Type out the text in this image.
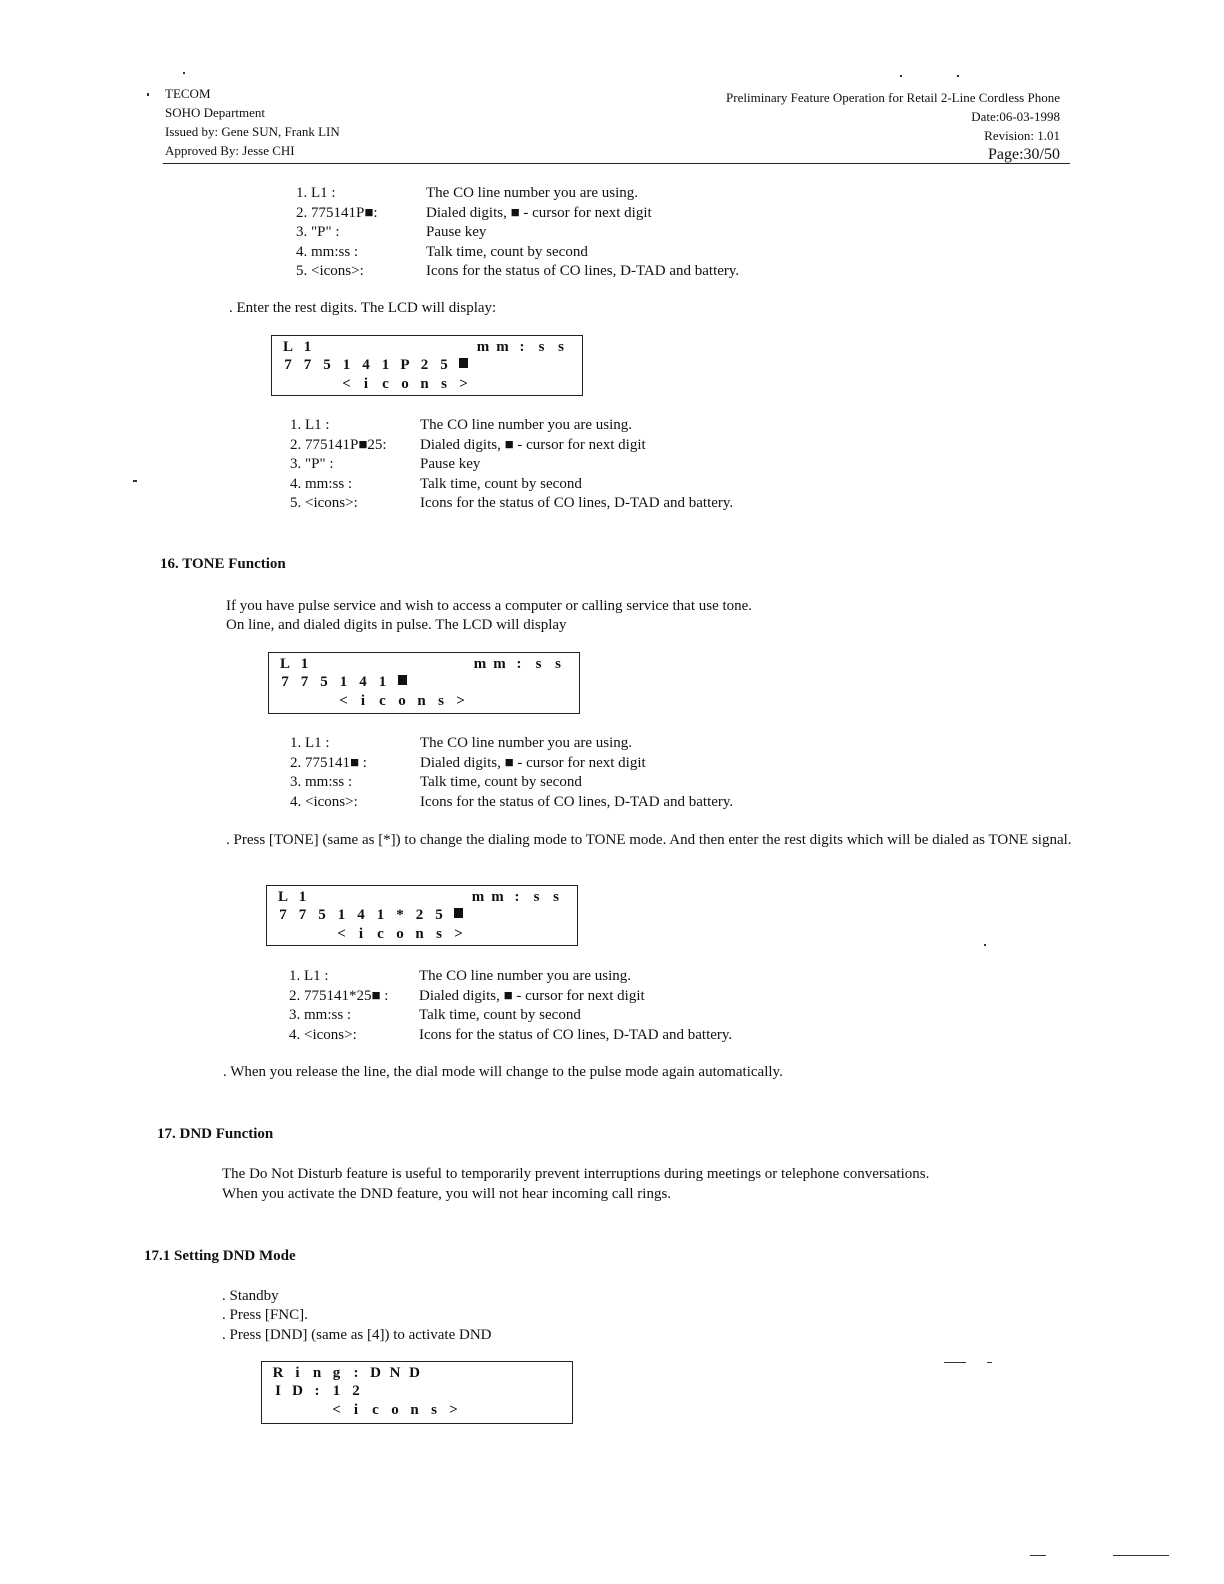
TECOM
SOHO Department
Issued by: Gene SUN, Frank LIN
Approved By: Jesse CHI
Preliminary Feature Operation for Retail 2-Line Cordless Phone
Date:06-03-1998
Revision: 1.01
Page:30/50
1. L1 :	The CO line number you are using.
2. 775141P■:	Dialed digits, ■ - cursor for next digit
3. "P" :	Pause key
4. mm:ss :	Talk time, count by second
5. <icons>:	Icons for the status of CO lines, D-TAD and battery.
. Enter the rest digits. The LCD will display:
L 1	m m : s s
7 7 5 1 4 1 P 2 5
< i c o n s >
1. L1 :	The CO line number you are using.
2. 775141P■25:	Dialed digits, ■ - cursor for next digit
3. "P" :	Pause key
4. mm:ss :	Talk time, count by second
5. <icons>:	Icons for the status of CO lines, D-TAD and battery.
16. TONE Function
If you have pulse service and wish to access a computer or calling service that use tone.
On line, and dialed digits in pulse. The LCD will display
L 1	m m : s s
7 7 5 1 4 1
< i c o n s >
1. L1 :	The CO line number you are using.
2. 775141■ :	Dialed digits, ■ - cursor for next digit
3. mm:ss :	Talk time, count by second
4. <icons>:	Icons for the status of CO lines, D-TAD and battery.
. Press [TONE] (same as [*]) to change the dialing mode to TONE mode. And then enter the rest digits which will be dialed as TONE signal.
L 1	m m : s s
7 7 5 1 4 1 * 2 5
< i c o n s >
1. L1 :	The CO line number you are using.
2. 775141*25■ :	Dialed digits, ■ - cursor for next digit
3. mm:ss :	Talk time, count by second
4. <icons>:	Icons for the status of CO lines, D-TAD and battery.
. When you release the line, the dial mode will change to the pulse mode again automatically.
17. DND Function
The Do Not Disturb feature is useful to temporarily prevent interruptions during meetings or telephone conversations.
When you activate the DND feature, you will not hear incoming call rings.
17.1 Setting DND Mode
. Standby
. Press [FNC].
. Press [DND] (same as [4]) to activate DND
R i n g : D N D
I D : 1 2
< i c o n s >
